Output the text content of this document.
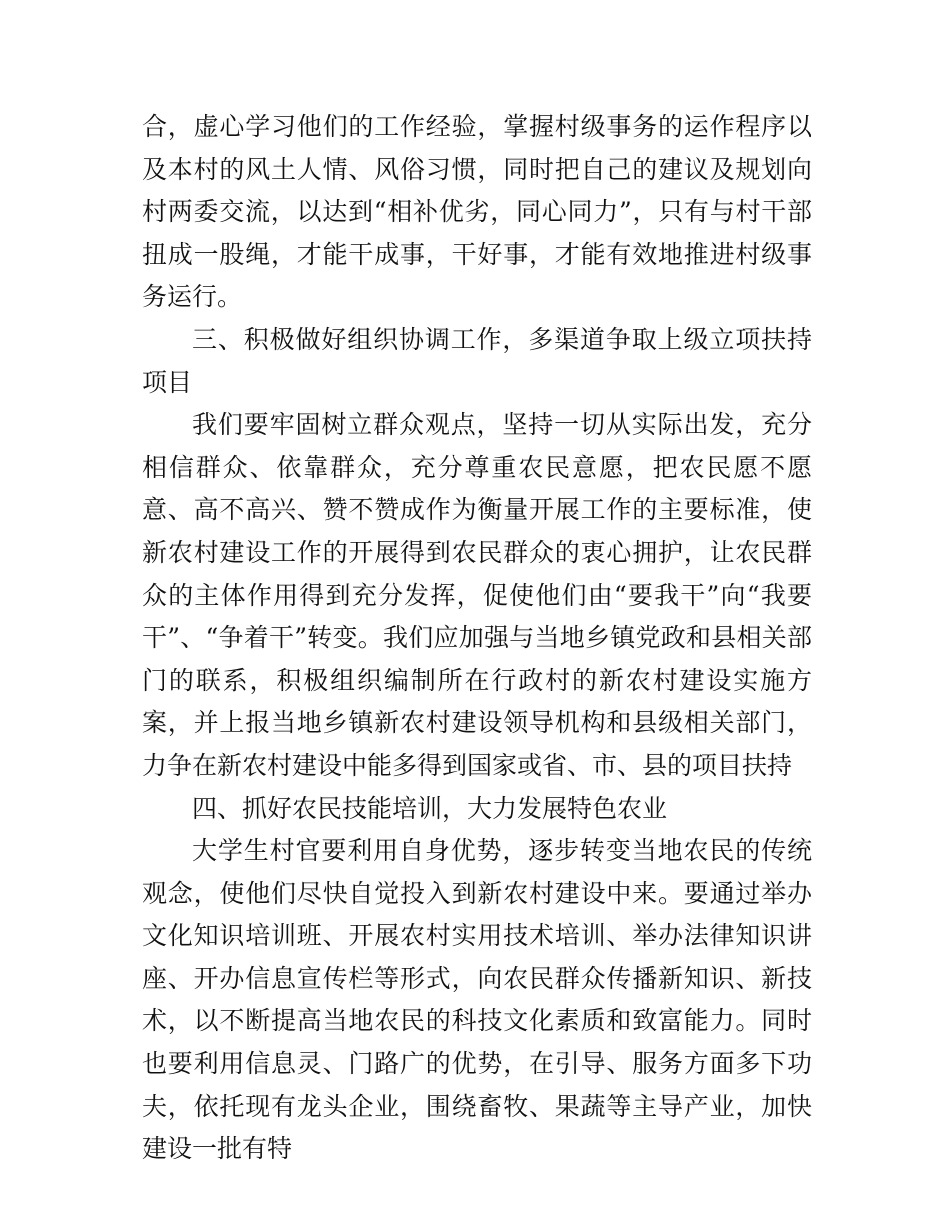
合，虚心学习他们的工作经验，掌握村级事务的运作程序以及本村的风土人情、风俗习惯，同时把自己的建议及规划向村两委交流，以达到“相补优劣，同心同力”，只有与村干部扭成一股绳，才能干成事，干好事，才能有效地推进村级事务运行。

三、积极做好组织协调工作，多渠道争取上级立项扶持项目

我们要牢固树立群众观点，坚持一切从实际出发，充分相信群众、依靠群众，充分尊重农民意愿，把农民愿不愿意、高不高兴、赞不赞成作为衡量开展工作的主要标准，使新农村建设工作的开展得到农民群众的衷心拥护，让农民群众的主体作用得到充分发挥，促使他们由“要我干”向“我要干”、“争着干”转变。我们应加强与当地乡镇党政和县相关部门的联系，积极组织编制所在行政村的新农村建设实施方案，并上报当地乡镇新农村建设领导机构和县级相关部门，力争在新农村建设中能多得到国家或省、市、县的项目扶持

四、抓好农民技能培训，大力发展特色农业

大学生村官要利用自身优势，逐步转变当地农民的传统观念，使他们尽快自觉投入到新农村建设中来。要通过举办文化知识培训班、开展农村实用技术培训、举办法律知识讲座、开办信息宣传栏等形式，向农民群众传播新知识、新技术，以不断提高当地农民的科技文化素质和致富能力。同时也要利用信息灵、门路广的优势，在引导、服务方面多下功夫，依托现有龙头企业，围绕畜牧、果蔬等主导产业，加快建设一批有特
